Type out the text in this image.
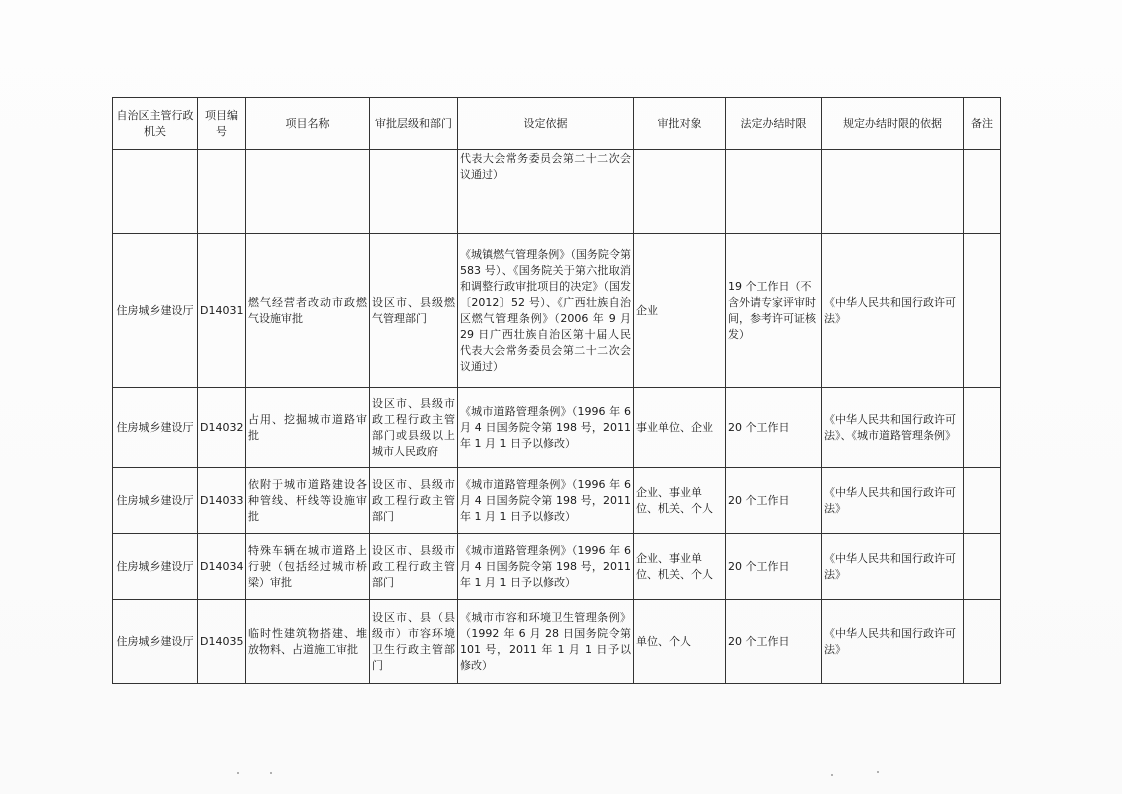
自治区主管行政机关	项目编号	项目名称	审批层级和部门	设定依据	审批对象	法定办结时限	规定办结时限的依据	备注
				代表大会常务委员会第二十二次会议通过）				
住房城乡建设厅	D14031	燃气经营者改动市政燃气设施审批	设区市、县级燃气管理部门	《城镇燃气管理条例》（国务院令第 583 号）、《国务院关于第六批取消和调整行政审批项目的决定》（国发〔2012〕52 号）、《广西壮族自治区燃气管理条例》（2006 年 9 月 29 日广西壮族自治区第十届人民代表大会常务委员会第二十二次会议通过）	企业	19 个工作日（不含外请专家评审时间，参考许可证核发）	《中华人民共和国行政许可法》	
住房城乡建设厅	D14032	占用、挖掘城市道路审批	设区市、县级市政工程行政主管部门或县级以上城市人民政府	《城市道路管理条例》（1996 年 6 月 4 日国务院令第 198 号，2011 年 1 月 1 日予以修改）	事业单位、企业	20 个工作日	《中华人民共和国行政许可法》、《城市道路管理条例》	
住房城乡建设厅	D14033	依附于城市道路建设各种管线、杆线等设施审批	设区市、县级市政工程行政主管部门	《城市道路管理条例》（1996 年 6 月 4 日国务院令第 198 号，2011 年 1 月 1 日予以修改）	企业、事业单位、机关、个人	20 个工作日	《中华人民共和国行政许可法》	
住房城乡建设厅	D14034	特殊车辆在城市道路上行驶（包括经过城市桥梁）审批	设区市、县级市政工程行政主管部门	《城市道路管理条例》（1996 年 6 月 4 日国务院令第 198 号，2011 年 1 月 1 日予以修改）	企业、事业单位、机关、个人	20 个工作日	《中华人民共和国行政许可法》	
住房城乡建设厅	D14035	临时性建筑物搭建、堆放物料、占道施工审批	设区市、县（县级市）市容环境卫生行政主管部门	《城市市容和环境卫生管理条例》（1992 年 6 月 28 日国务院令第 101 号，2011 年 1 月 1 日予以修改）	单位、个人	20 个工作日	《中华人民共和国行政许可法》	
